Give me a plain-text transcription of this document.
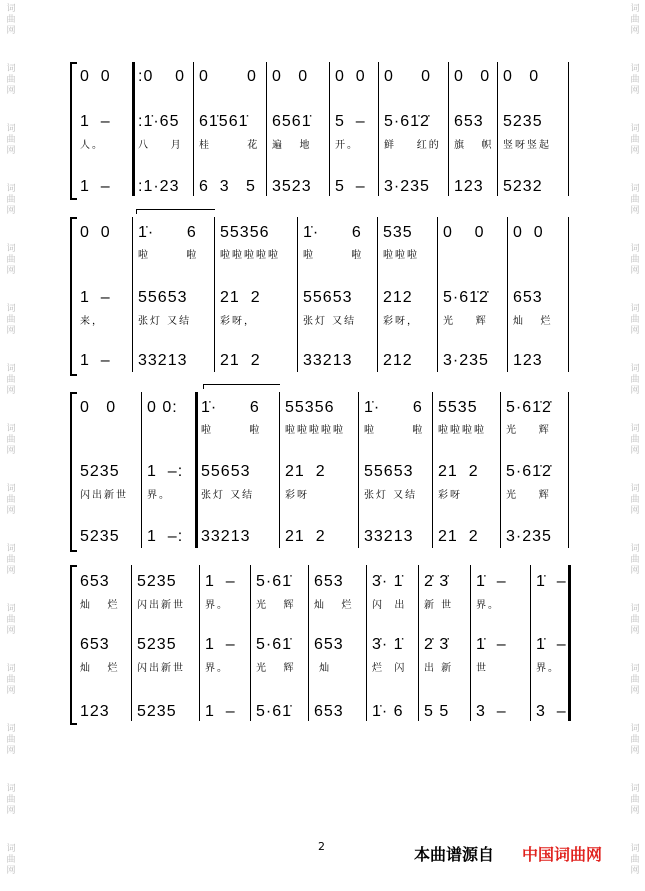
词曲网
词曲网
词曲网
词曲网
词曲网
词曲网
词曲网
词曲网
词曲网
词曲网
词曲网
词曲网
词曲网
词曲网
词曲网
词曲网
词曲网
词曲网
词曲网
词曲网
词曲网
词曲网
词曲网
词曲网
词曲网
词曲网
词曲网
词曲网
词曲网
词曲网
0  0
1  –
人。
1  –
:0    0
:1̇·65
八    月
:1·23
0       0
61̇561̇
桂       花
6  3   5
0   0
6561̇
遍   地
3523
0  0
5  –
开。
5  –
0     0
5·61̇2̇
鲜    红的
3·235
0   0
653
旗   帜
123
0   0
5235
竖呀竖起
5232
0  0
1  –
来，
1  –
1̇·      6
啦       啦
55653
张灯 又结
33213
55356
啦啦啦啦啦
21  2
彩呀，
21  2
1̇·      6
啦       啦
55653
张灯 又结
33213
535
啦啦啦
212
彩呀，
212
0    0
5·61̇2̇
光    辉
3·235
0  0
653
灿   烂
123
0   0
5235
闪出新世
5235
0 0:
1  –:
界。
1  –:
1̇·      6
啦       啦
55653
张灯 又结
33213
55356
啦啦啦啦啦
21  2
彩呀
21  2
1̇·      6
啦       啦
55653
张灯 又结
33213
5535
啦啦啦啦
21  2
彩呀
21  2
5·61̇2̇
光    辉
5·61̇2̇
光    辉
3·235
653
灿   烂
653
灿   烂
123
5235
闪出新世
5235
闪出新世
5235
1  –
界。
1  –
界。
1  –
5·61̇
光   辉
5·61̇
光   辉
5·61̇
653
灿   烂
653
灿
653
3̇· 1̇
闪  出
3̇· 1̇
烂  闪
1̇· 6
2̇ 3̇
新 世
2̇ 3̇
出 新
5 5
1̇  –
界。
1̇  –
世
3  –
1̇  –
1̇  –
界。
3  –
2	本曲谱源自 中国词曲网
